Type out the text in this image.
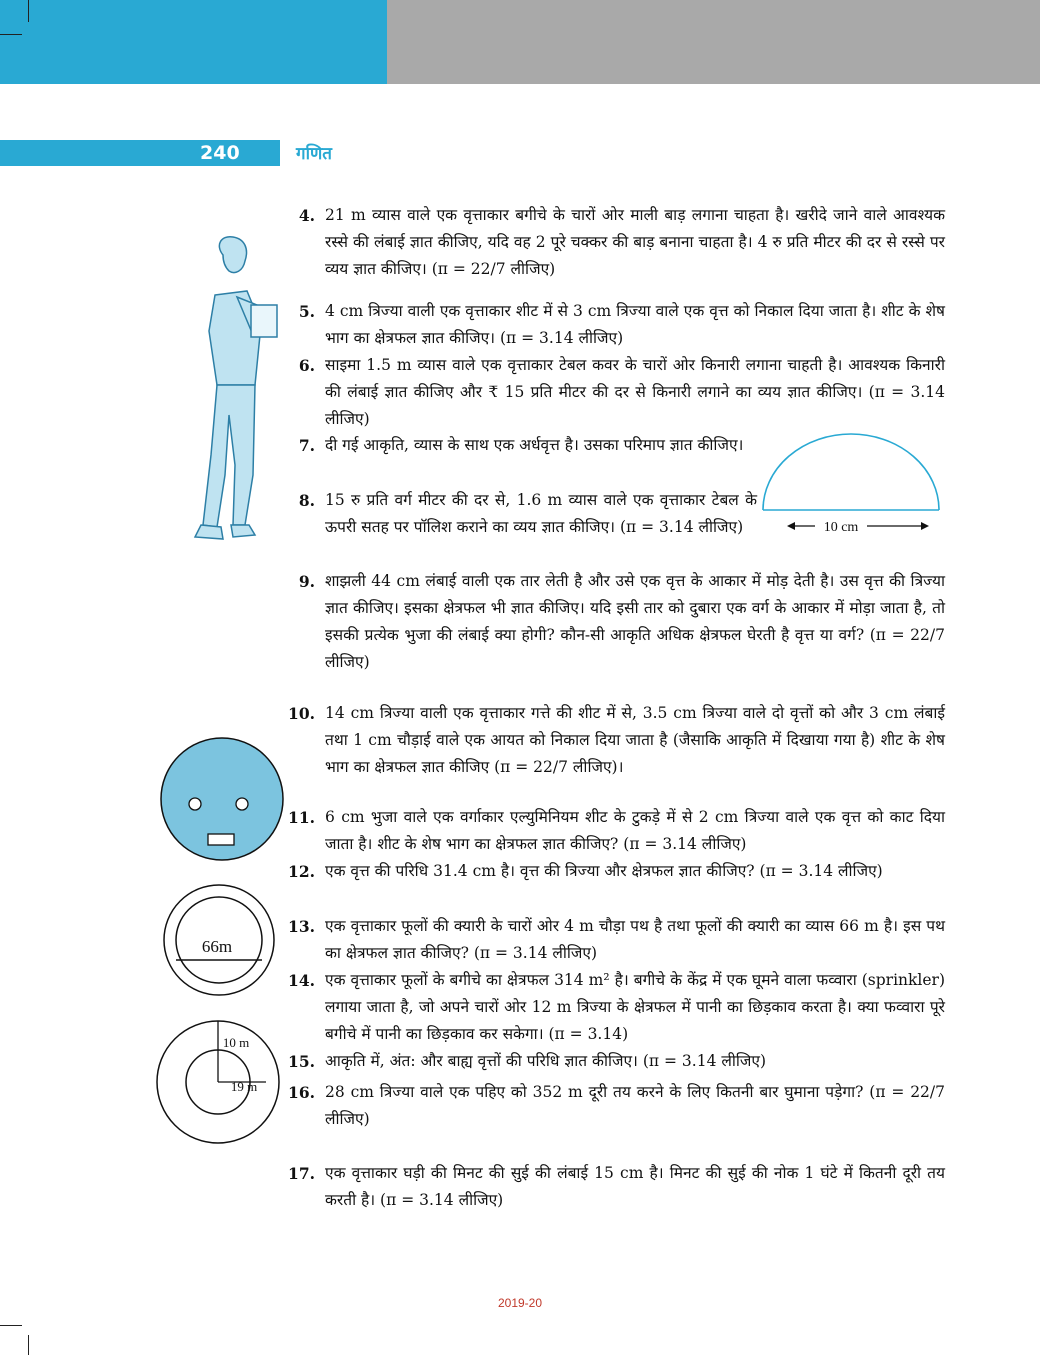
240	गणित
10 cm
66m
10 m
19 m
4. 21 m व्यास वाले एक वृत्ताकार बगीचे के चारों ओर माली बाड़ लगाना चाहता है। खरीदे जाने वाले आवश्यक रस्से की लंबाई ज्ञात कीजिए, यदि वह 2 पूरे चक्कर की बाड़ बनाना चाहता है। 4 रु प्रति मीटर की दर से रस्से पर व्यय ज्ञात कीजिए। (π = 22/7 लीजिए)
5. 4 cm त्रिज्या वाली एक वृत्ताकार शीट में से 3 cm त्रिज्या वाले एक वृत्त को निकाल दिया जाता है। शीट के शेष भाग का क्षेत्रफल ज्ञात कीजिए। (π = 3.14 लीजिए)
6. साइमा 1.5 m व्यास वाले एक वृत्ताकार टेबल कवर के चारों ओर किनारी लगाना चाहती है। आवश्यक किनारी की लंबाई ज्ञात कीजिए और ₹ 15 प्रति मीटर की दर से किनारी लगाने का व्यय ज्ञात कीजिए। (π = 3.14 लीजिए)
7. दी गई आकृति, व्यास के साथ एक अर्धवृत्त है। उसका परिमाप ज्ञात कीजिए।
8. 15 रु प्रति वर्ग मीटर की दर से, 1.6 m व्यास वाले एक वृत्ताकार टेबल के ऊपरी सतह पर पॉलिश कराने का व्यय ज्ञात कीजिए। (π = 3.14 लीजिए)
9. शाझली 44 cm लंबाई वाली एक तार लेती है और उसे एक वृत्त के आकार में मोड़ देती है। उस वृत्त की त्रिज्या ज्ञात कीजिए। इसका क्षेत्रफल भी ज्ञात कीजिए। यदि इसी तार को दुबारा एक वर्ग के आकार में मोड़ा जाता है, तो इसकी प्रत्येक भुजा की लंबाई क्या होगी? कौन-सी आकृति अधिक क्षेत्रफल घेरती है वृत्त या वर्ग? (π = 22/7 लीजिए)
10. 14 cm त्रिज्या वाली एक वृत्ताकार गत्ते की शीट में से, 3.5 cm त्रिज्या वाले दो वृत्तों को और 3 cm लंबाई तथा 1 cm चौड़ाई वाले एक आयत को निकाल दिया जाता है (जैसाकि आकृति में दिखाया गया है) शीट के शेष भाग का क्षेत्रफल ज्ञात कीजिए (π = 22/7 लीजिए)।
11. 6 cm भुजा वाले एक वर्गाकार एल्युमिनियम शीट के टुकड़े में से 2 cm त्रिज्या वाले एक वृत्त को काट दिया जाता है। शीट के शेष भाग का क्षेत्रफल ज्ञात कीजिए? (π = 3.14 लीजिए)
12. एक वृत्त की परिधि 31.4 cm है। वृत्त की त्रिज्या और क्षेत्रफल ज्ञात कीजिए? (π = 3.14 लीजिए)
13. एक वृत्ताकार फूलों की क्यारी के चारों ओर 4 m चौड़ा पथ है तथा फूलों की क्यारी का व्यास 66 m है। इस पथ का क्षेत्रफल ज्ञात कीजिए? (π = 3.14 लीजिए)
14. एक वृत्ताकार फूलों के बगीचे का क्षेत्रफल 314 m² है। बगीचे के केंद्र में एक घूमने वाला फव्वारा (sprinkler) लगाया जाता है, जो अपने चारों ओर 12 m त्रिज्या के क्षेत्रफल में पानी का छिड़काव करता है। क्या फव्वारा पूरे बगीचे में पानी का छिड़काव कर सकेगा। (π = 3.14)
15. आकृति में, अंत: और बाह्य वृत्तों की परिधि ज्ञात कीजिए। (π = 3.14 लीजिए)
16. 28 cm त्रिज्या वाले एक पहिए को 352 m दूरी तय करने के लिए कितनी बार घुमाना पड़ेगा? (π = 22/7 लीजिए)
17. एक वृत्ताकार घड़ी की मिनट की सुई की लंबाई 15 cm है। मिनट की सुई की नोक 1 घंटे में कितनी दूरी तय करती है। (π = 3.14 लीजिए)
2019-20
